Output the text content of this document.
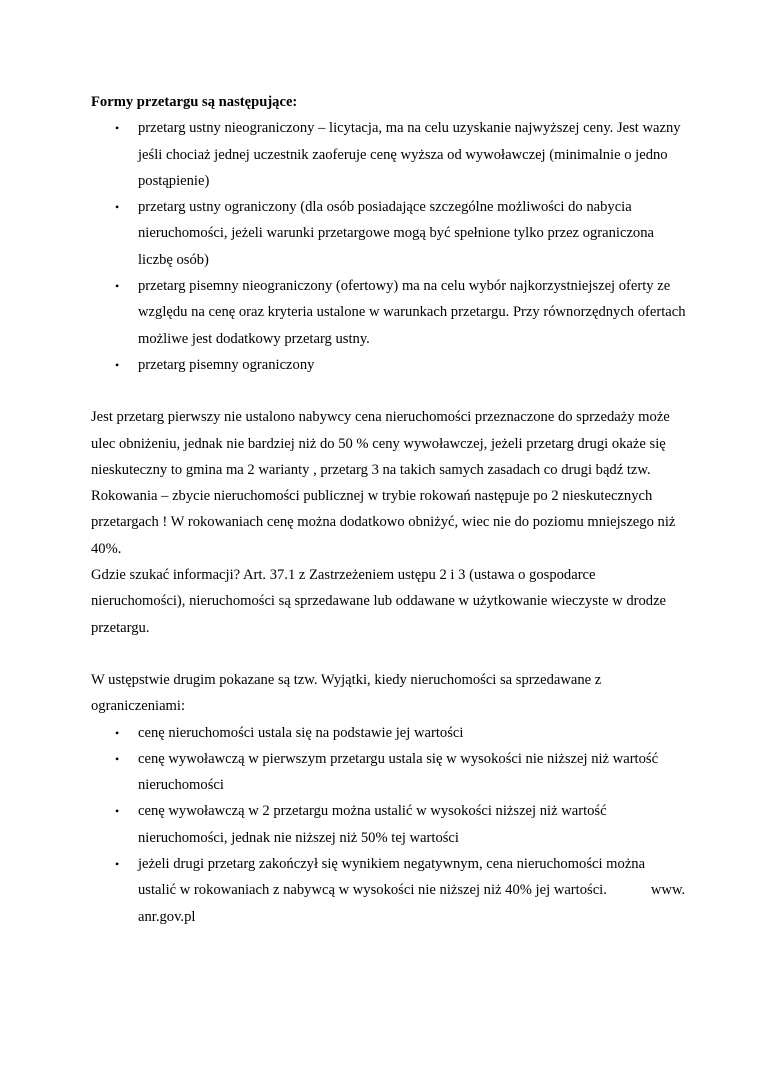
Formy przetargu są następujące:

• przetarg ustny nieograniczony – licytacja, ma na celu uzyskanie najwyższej ceny. Jest wazny jeśli chociaż jednej uczestnik zaoferuje cenę wyższa od wywoławczej (minimalnie o jedno postąpienie)
• przetarg ustny ograniczony (dla osób posiadające szczególne możliwości do nabycia nieruchomości, jeżeli warunki przetargowe mogą być spełnione tylko przez ograniczona liczbę osób)
• przetarg pisemny nieograniczony (ofertowy) ma na celu wybór najkorzystniejszej oferty ze względu na cenę oraz kryteria ustalone w warunkach przetargu. Przy równorzędnych ofertach możliwe jest dodatkowy przetarg ustny.
• przetarg pisemny ograniczony

Jest przetarg pierwszy nie ustalono nabywcy cena nieruchomości przeznaczone do sprzedaży może ulec obniżeniu, jednak nie bardziej niż do 50 % ceny wywoławczej, jeżeli przetarg drugi okaże się nieskuteczny to gmina ma 2 warianty , przetarg 3 na takich samych zasadach co drugi bądź tzw. Rokowania – zbycie nieruchomości publicznej w trybie rokowań następuje po 2 nieskutecznych przetargach ! W rokowaniach cenę można dodatkowo obniżyć, wiec nie do poziomu mniejszego niż 40%.

Gdzie szukać informacji? Art. 37.1 z Zastrzeżeniem ustępu 2 i 3 (ustawa o gospodarce nieruchomości), nieruchomości są sprzedawane lub oddawane w użytkowanie wieczyste w drodze przetargu.

W ustępstwie drugim pokazane są tzw. Wyjątki, kiedy nieruchomości sa sprzedawane z ograniczeniami:

• cenę nieruchomości ustala się na podstawie jej wartości
• cenę wywoławczą w pierwszym przetargu ustala się w wysokości nie niższej niż wartość nieruchomości
• cenę wywoławczą w 2 przetargu można ustalić w wysokości niższej niż wartość nieruchomości, jednak nie niższej niż 50% tej wartości
• jeżeli drugi przetarg zakończył się wynikiem negatywnym, cena nieruchomości można ustalić w rokowaniach z nabywcą w wysokości nie niższej niż 40% jej wartości.	www. anr.gov.pl
